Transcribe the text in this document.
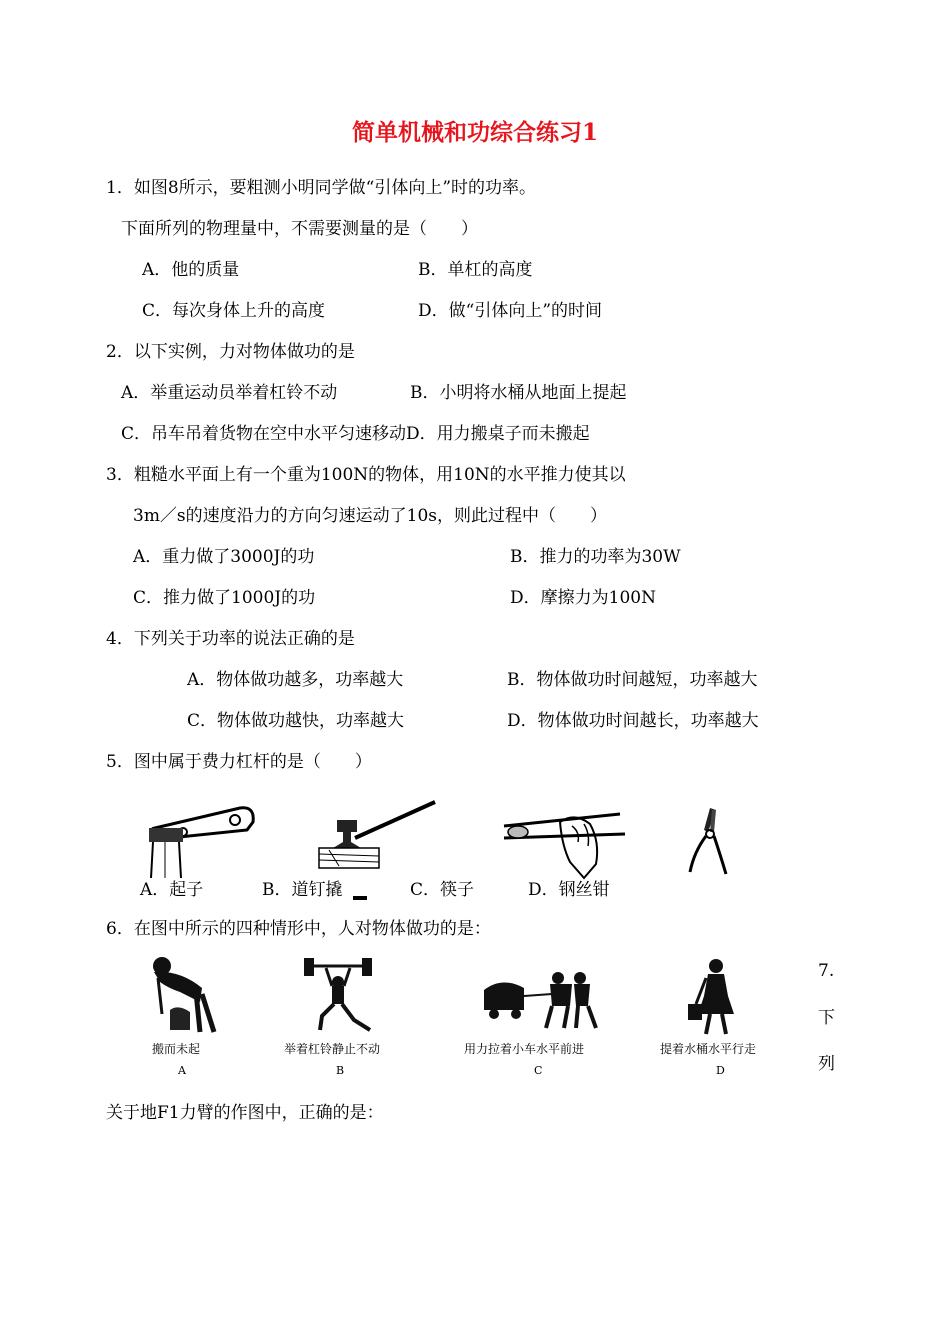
简单机械和功综合练习1
1．如图8所示，要粗测小明同学做“引体向上”时的功率。
下面所列的物理量中，不需要测量的是（　　）
A．他的质量	B．单杠的高度
C．每次身体上升的高度	D．做“引体向上”的时间
2．以下实例，力对物体做功的是
A．举重运动员举着杠铃不动	B．小明将水桶从地面上提起
C．吊车吊着货物在空中水平匀速移动D．用力搬桌子而未搬起
3．粗糙水平面上有一个重为100N的物体，用10N的水平推力使其以
3m／s的速度沿力的方向匀速运动了10s，则此过程中（　　）
A．重力做了3000J的功	B．推力的功率为30W
C．推力做了1000J的功	D．摩擦力为100N
4．下列关于功率的说法正确的是
A．物体做功越多，功率越大	B．物体做功时间越短，功率越大
C．物体做功越快，功率越大	D．物体做功时间越长，功率越大
5．图中属于费力杠杆的是（　　）
A．起子	B．道钉撬	C．筷子	D．钢丝钳
6．在图中所示的四种情形中，人对物体做功的是：
搬而未起
A
举着杠铃静止不动
B
用力拉着小车水平前进
C
提着水桶水平行走
D
7.
下
列
关于地F1力臂的作图中，正确的是：
